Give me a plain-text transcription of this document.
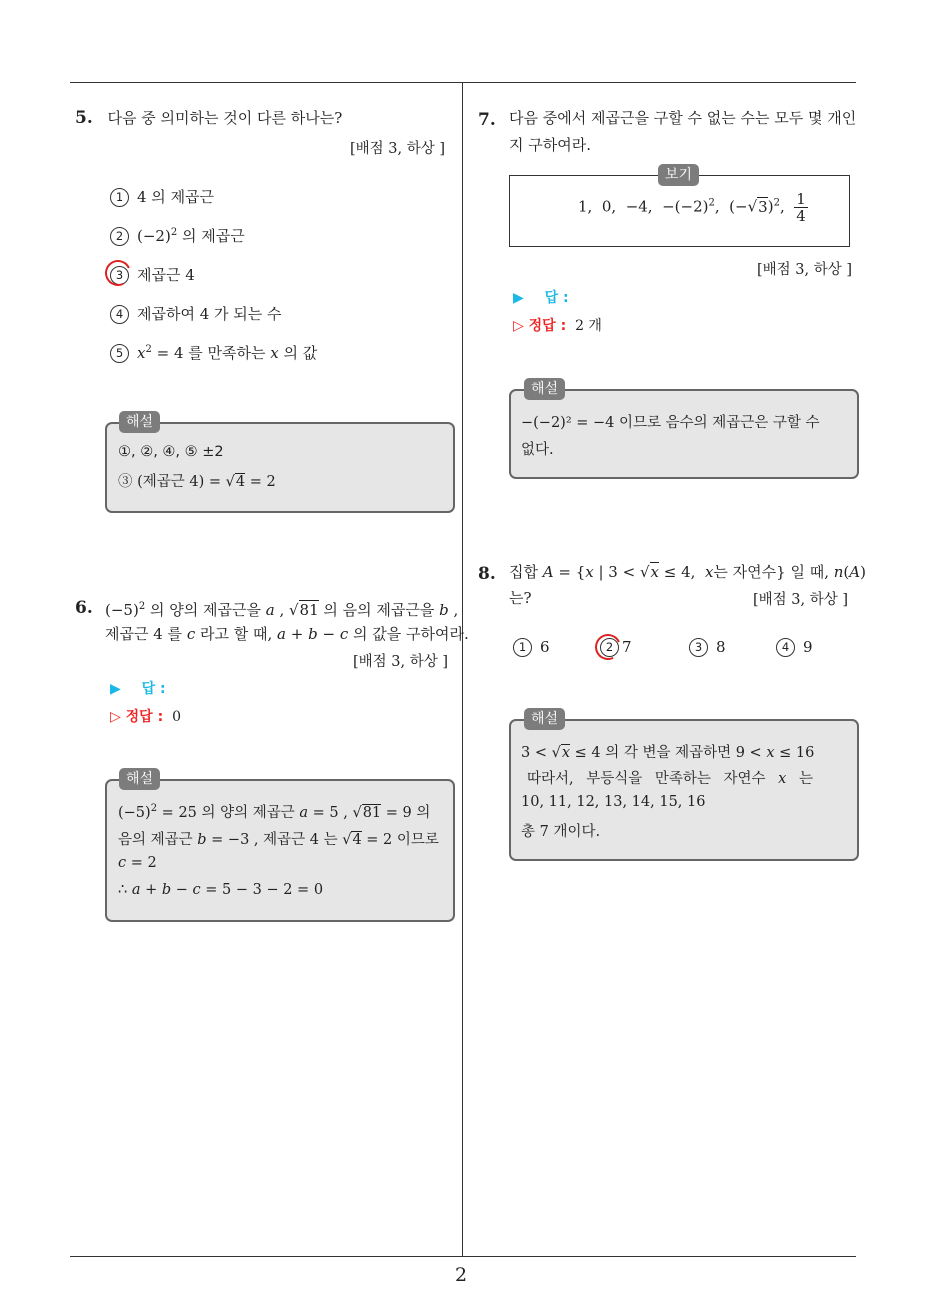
2
5. 다음 중 의미하는 것이 다른 하나는?
[배점 3, 하상 ]
1 4 의 제곱근
2 $(-2)^2$ 의 제곱근
3 제곱근 4
4 제곱하여 4 가 되는 수
5 $x^2 = 4$ 를 만족하는 x 의 값
해설
①, ②, ④, ⑤ ±2
③ (제곱근 4) = √4 = 2
6. $(-5)^2$ 의 양의 제곱근을 a , √81 의 음의 제곱근을 b ,
제곱근 4 를 c 라고 할 때, a + b − c 의 값을 구하여라.
[배점 3, 하상 ]
▶ 답 :
▷ 정답 : 0
해설
$(-5)^2 = 25$ 의 양의 제곱근 a = 5 , √81 = 9 의
음의 제곱근 b = −3 , 제곱근 4 는 √4 = 2 이므로
c = 2
∴ a + b − c = 5 − 3 − 2 = 0
7. 다음 중에서 제곱근을 구할 수 없는 수는 모두 몇 개인
지 구하여라.
보기
1,  0,  −4,  $-(-2)^2$,  $(-√3)^2$, $\frac{1}{4}$
[배점 3, 하상 ]
▶ 답 :
▷ 정답 : 2 개
해설
−(−2)² = −4 이므로 음수의 제곱근은 구할 수
없다.
8. 집합 A = {x | 3 < √x ≤ 4,  x는 자연수} 일 때, n(A)
는?	[배점 3, 하상 ]
1 6	2 7	3 8	4 9
해설
3 < √x ≤ 4 의 각 변을 제곱하면 9 < x ≤ 16
따라서, 부등식을 만족하는 자연수 x 는
10, 11, 12, 13, 14, 15, 16
총 7 개이다.
